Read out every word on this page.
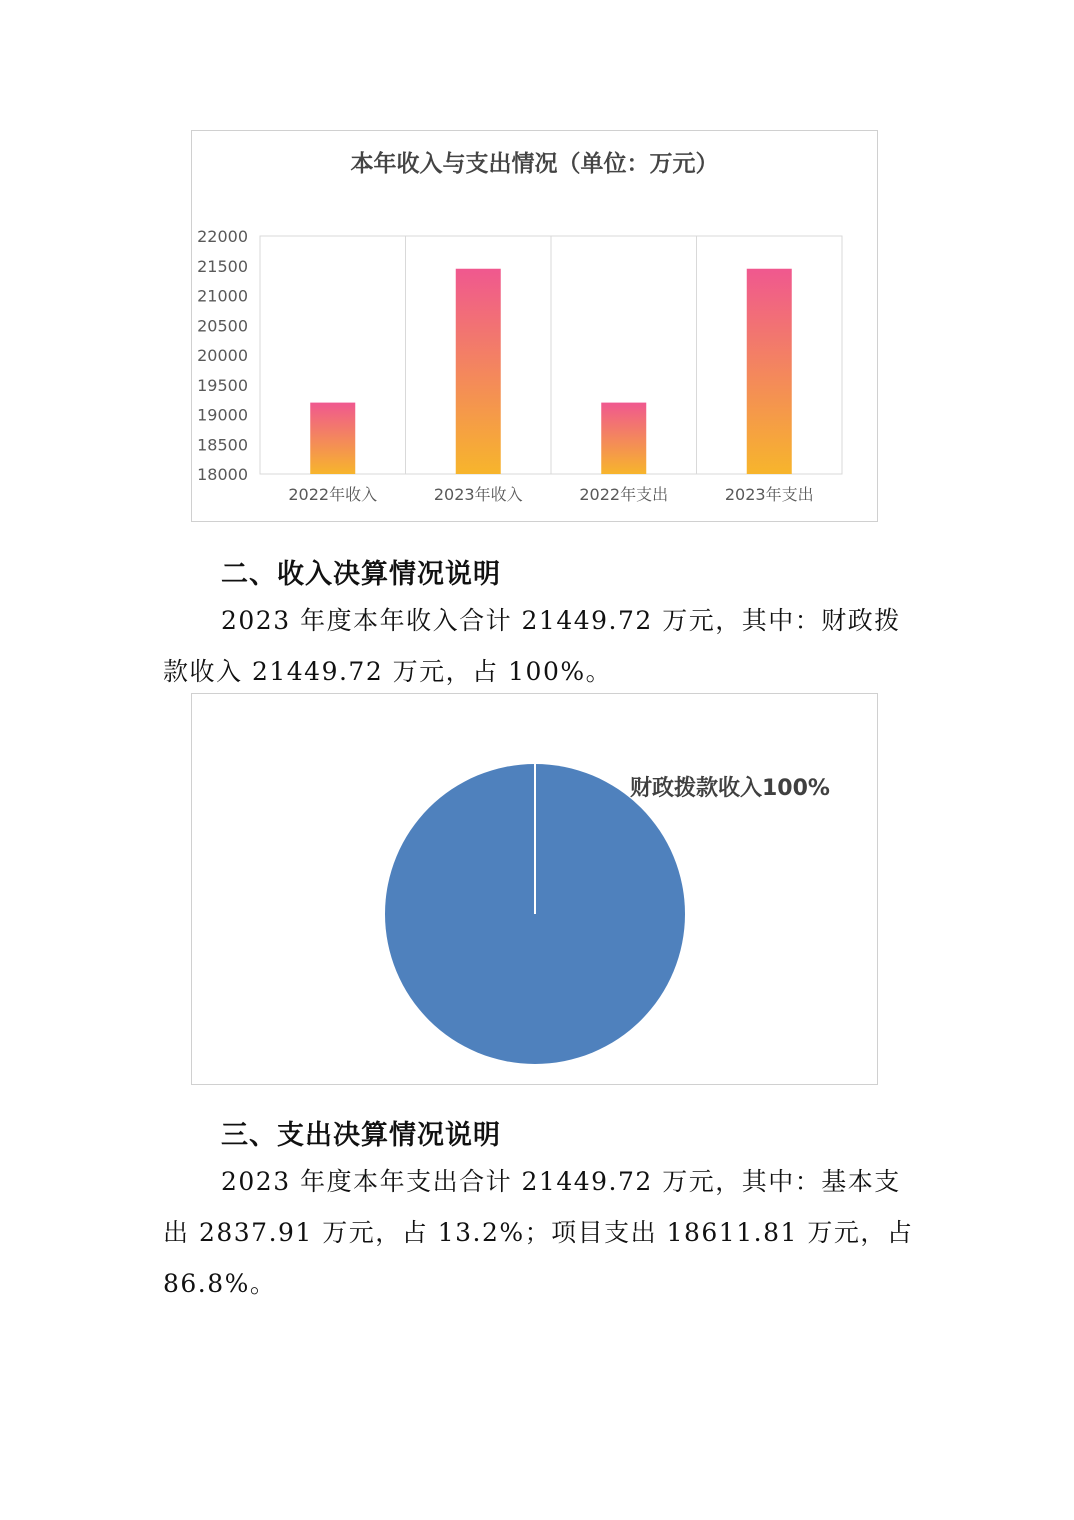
本年收入与支出情况（单位：万元）
22000
21500
21000
20500
20000
19500
19000
18500
18000
2022年收入	2023年收入	2022年支出	2023年支出
二、收入决算情况说明
2023 年度本年收入合计 21449.72 万元，其中：财政拨
款收入 21449.72 万元，占 100%。
财政拨款收入100%
三、支出决算情况说明
2023 年度本年支出合计 21449.72 万元，其中：基本支
出 2837.91 万元，占 13.2%；项目支出 18611.81 万元，占
86.8%。
